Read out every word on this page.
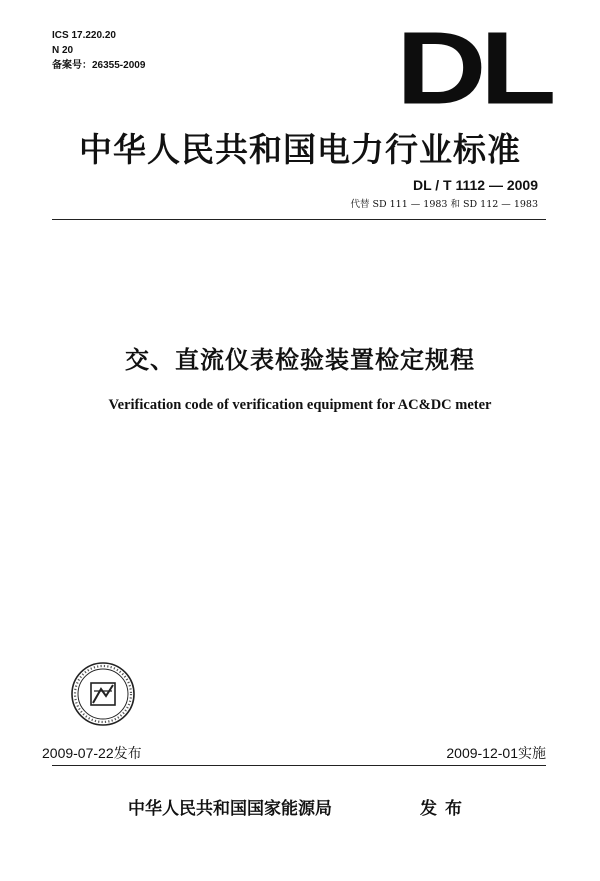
ICS 17.220.20
N 20
备案号：26355-2009 DL
中华人民共和国电力行业标准
DL / T 1112 — 2009
代替 SD 111 — 1983 和 SD 112 — 1983
交、直流仪表检验装置检定规程
Verification code of verification equipment for AC&DC meter
2009-07-22发布	2009-12-01实施
中华人民共和国国家能源局	发布
